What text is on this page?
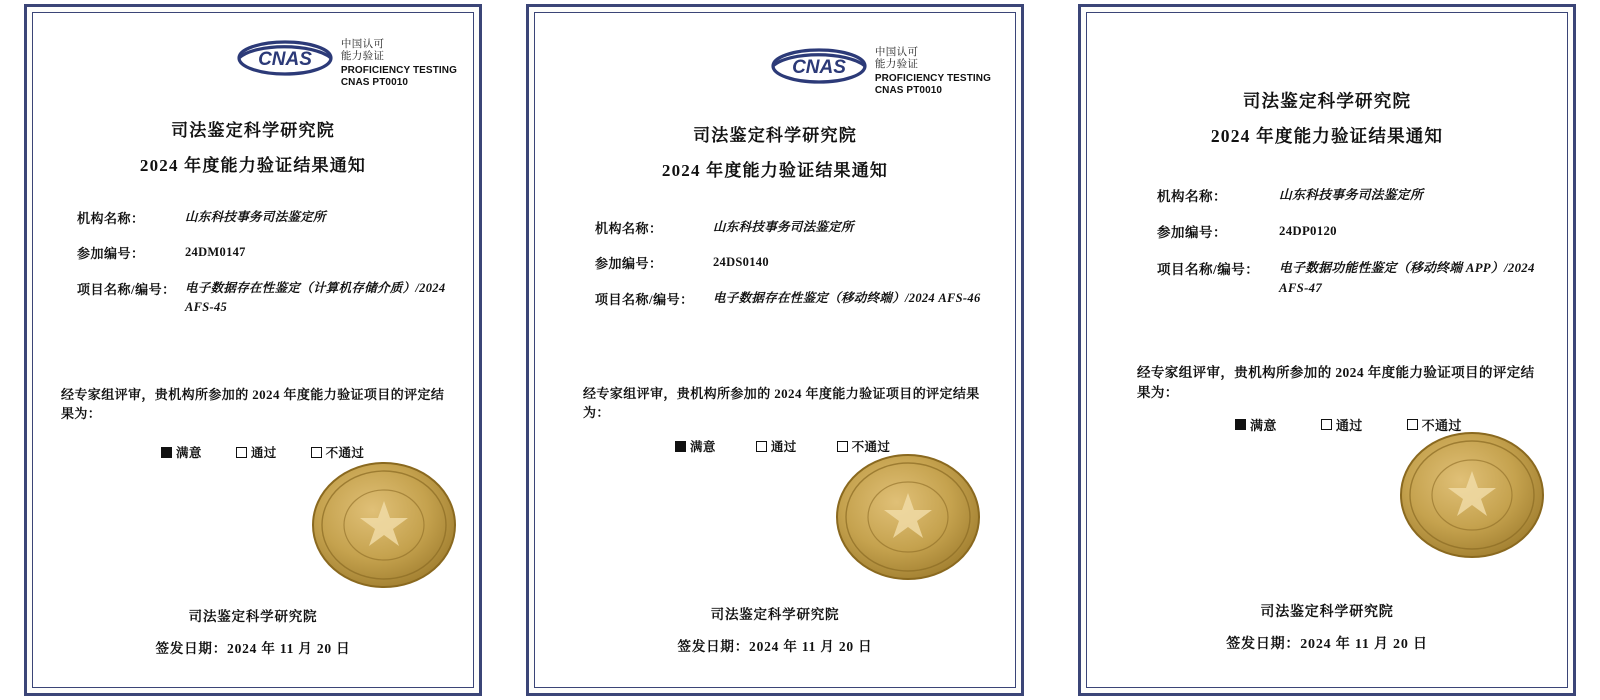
CNAS
中国认可
能力验证
PROFICIENCY TESTING
CNAS PT0010
司法鉴定科学研究院
2024 年度能力验证结果通知
机构名称：	山东科技事务司法鉴定所
参加编号：	24DM0147
项目名称/编号： 电子数据存在性鉴定（计算机存储介质）/2024 AFS-45
经专家组评审，贵机构所参加的 2024 年度能力验证项目的评定结果为：
满意	通过	不通过
司法鉴定科学研究院
签发日期：2024 年 11 月 20 日
CNAS
中国认可
能力验证
PROFICIENCY TESTING
CNAS PT0010
司法鉴定科学研究院
2024 年度能力验证结果通知
机构名称：	山东科技事务司法鉴定所
参加编号：	24DS0140
项目名称/编号：	电子数据存在性鉴定（移动终端）/2024 AFS-46
经专家组评审，贵机构所参加的 2024 年度能力验证项目的评定结果为：
满意	通过	不通过
司法鉴定科学研究院
签发日期：2024 年 11 月 20 日
司法鉴定科学研究院
2024 年度能力验证结果通知
机构名称：	山东科技事务司法鉴定所
参加编号：	24DP0120
项目名称/编号：	电子数据功能性鉴定（移动终端 APP）/2024 AFS-47
经专家组评审，贵机构所参加的 2024 年度能力验证项目的评定结果为：
满意	通过	不通过
司法鉴定科学研究院
签发日期：2024 年 11 月 20 日
